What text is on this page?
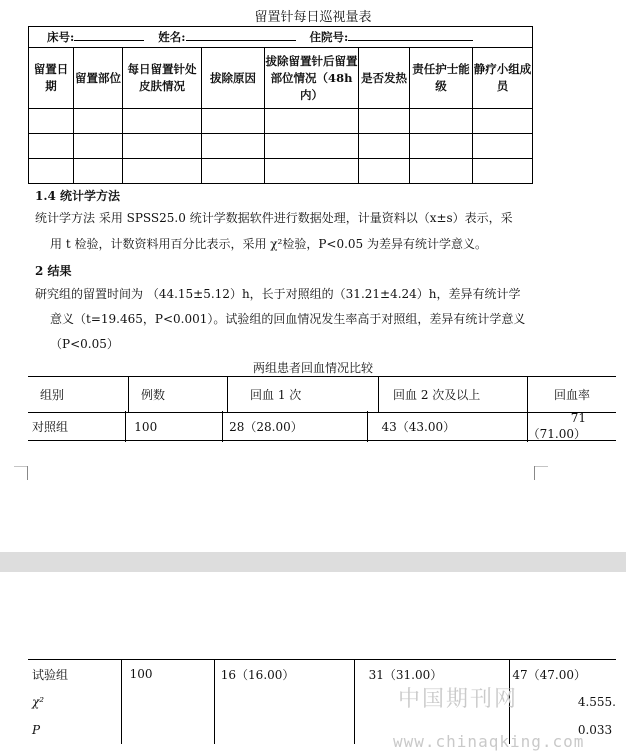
留置针每日巡视量表
床号: 姓名: 住院号:							
留置日期	留置部位	每日留置针处皮肤情况	拔除原因	拔除留置针后留置部位情况（48h内）	是否发热	责任护士能级	静疗小组成员

1.4 统计学方法
统计学方法 采用 SPSS25.0 统计学数据软件进行数据处理，计量资料以（x±s）表示，采
用 t 检验，计数资料用百分比表示，采用 χ²检验，P<0.05 为差异有统计学意义。
2 结果
研究组的留置时间为 （44.15±5.12）h，长于对照组的（31.21±4.24）h，差异有统计学
意义（t=19.465，P<0.001）。试验组的回血情况发生率高于对照组，差异有统计学意义
（P<0.05）
两组患者回血情况比较
组别	例数	回血 1 次	回血 2 次及以上	回血率
对照组	100	28（28.00）	43（43.00）	71（71.00）
试验组	100	16（16.00）	31（31.00）	47（47.00）
χ²				4.555.
P				0.033
中国期刊网
www.chinaqking.com
